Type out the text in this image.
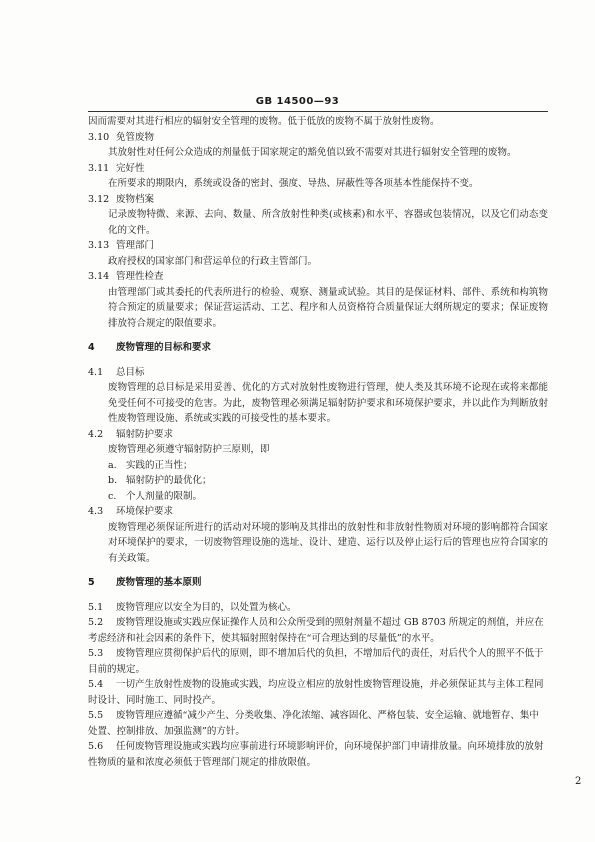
GB 14500—93
因而需要对其进行相应的辐射安全管理的废物。低于低放的废物不属于放射性废物。
3.10 免管废物
其放射性对任何公众造成的剂量低于国家规定的豁免值以致不需要对其进行辐射安全管理的废物。
3.11 完好性
在所要求的期限内，系统或设备的密封、强度、导热、屏蔽性等各项基本性能保持不变。
3.12 废物档案
记录废物特微、来源、去向、数量、所含放射性种类(或核素)和水平、容器或包装情况，以及它们动态变化的文件。
3.13 管理部门
政府授权的国家部门和营运单位的行政主管部门。
3.14 管理性检查
由管理部门或其委托的代表所进行的检验、观察、测量或试验。其目的是保证材料、部件、系统和构筑物符合预定的质量要求；保证营运活动、工艺、程序和人员资格符合质量保证大纲所规定的要求；保证废物排放符合规定的限值要求。
4 废物管理的目标和要求
4.1 总目标
废物管理的总目标是采用妥善、优化的方式对放射性废物进行管理，使人类及其环境不论现在或将来都能免受任何不可接受的危害。为此，废物管理必须满足辐射防护要求和环境保护要求，并以此作为判断放射性废物管理设施、系统或实践的可接受性的基本要求。
4.2 辐射防护要求
废物管理必须遵守辐射防护三原则，即
a. 实践的正当性；
b. 辐射防护的最优化；
c. 个人剂量的限制。
4.3 环境保护要求
废物管理必须保证所进行的活动对环境的影响及其排出的放射性和非放射性物质对环境的影响都符合国家对环境保护的要求，一切废物管理设施的选址、设计、建造、运行以及停止运行后的管理也应符合国家的有关政策。
5 废物管理的基本原则
5.1 废物管理应以安全为目的，以处置为核心。
5.2 废物管理设施或实践应保证操作人员和公众所受到的照射剂量不超过 GB 8703 所规定的剂值，并应在考虑经济和社会因素的条件下，使其辐射照射保持在“可合理达到的尽量低”的水平。
5.3 废物管理应贯彻保护后代的原则，即不增加后代的负担，不增加后代的责任，对后代个人的照平不低于目前的规定。
5.4 一切产生放射性废物的设施或实践，均应设立相应的放射性废物管理设施，并必须保证其与主体工程同时设计、同时施工、同时投产。
5.5 废物管理应遵循“减少产生、分类收集、净化浓缩、减容固化、严格包装、安全运输、就地暂存、集中处置、控制排放、加强监测”的方针。
5.6 任何废物管理设施或实践均应事前进行环境影响评价，向环境保护部门申请排放量。向环境排放的放射性物质的量和浓度必须低于管理部门规定的排放限值。
2
